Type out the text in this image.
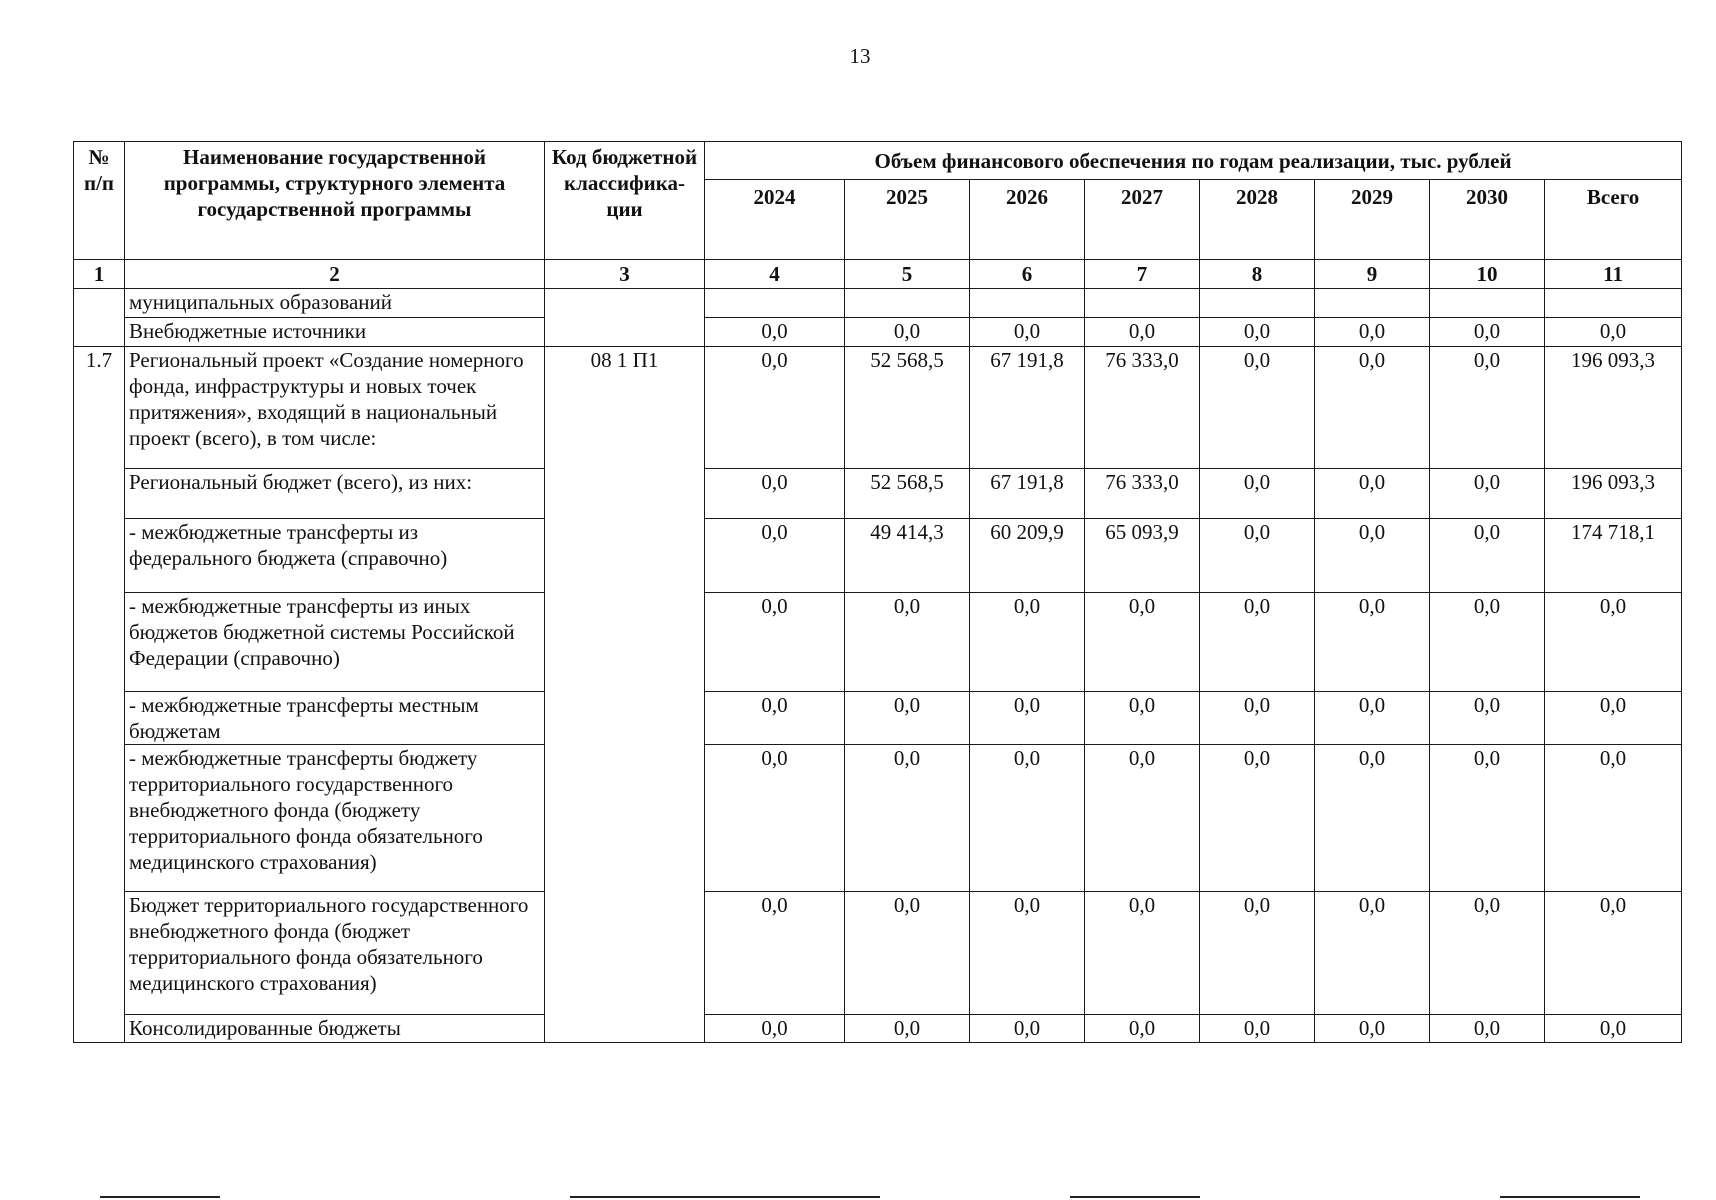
13
№ п/п	Наименование государственной программы, структурного элемента государственной программы	Код бюджетной классифика-ции	Объем финансового обеспечения по годам реализации, тыс. рублей							
			2024	2025	2026	2027	2028	2029	2030	Всего
1	2	3	4	5	6	7	8	9	10	11
	муниципальных образований									
	Внебюджетные источники		0,0	0,0	0,0	0,0	0,0	0,0	0,0	0,0
1.7	Региональный проект «Создание номерного фонда, инфраструктуры и новых точек притяжения», входящий в национальный проект (всего), в том числе:	08 1 П1	0,0	52 568,5	67 191,8	76 333,0	0,0	0,0	0,0	196 093,3
	Региональный бюджет (всего), из них:		0,0	52 568,5	67 191,8	76 333,0	0,0	0,0	0,0	196 093,3
	- межбюджетные трансферты из федерального бюджета (справочно)		0,0	49 414,3	60 209,9	65 093,9	0,0	0,0	0,0	174 718,1
	- межбюджетные трансферты из иных бюджетов бюджетной системы Российской Федерации (справочно)		0,0	0,0	0,0	0,0	0,0	0,0	0,0	0,0
	- межбюджетные трансферты местным бюджетам		0,0	0,0	0,0	0,0	0,0	0,0	0,0	0,0
	- межбюджетные трансферты бюджету территориального государственного внебюджетного фонда (бюджету территориального фонда обязательного медицинского страхования)		0,0	0,0	0,0	0,0	0,0	0,0	0,0	0,0
	Бюджет территориального государственного внебюджетного фонда (бюджет территориального фонда обязательного медицинского страхования)		0,0	0,0	0,0	0,0	0,0	0,0	0,0	0,0
	Консолидированные бюджеты		0,0	0,0	0,0	0,0	0,0	0,0	0,0	0,0
